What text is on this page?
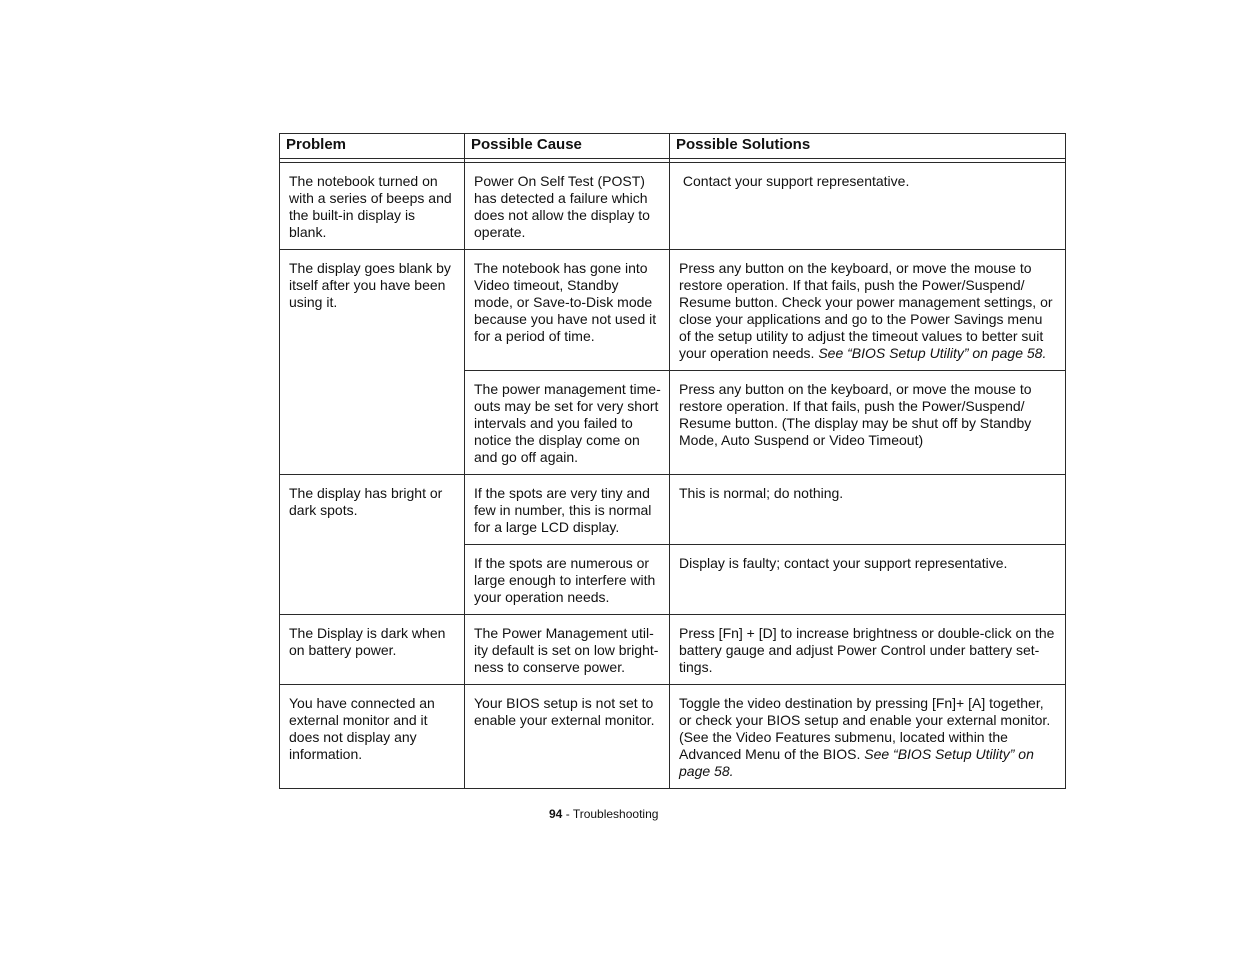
Problem	Possible Cause	Possible Solutions

The notebook turned on with a series of beeps and the built-in display is blank.	Power On Self Test (POST) has detected a failure which does not allow the display to operate.	Contact your support representative.
The display goes blank by itself after you have been using it.	The notebook has gone into Video timeout, Standby mode, or Save-to-Disk mode because you have not used it for a period of time.	Press any button on the keyboard, or move the mouse to restore operation. If that fails, push the Power/Suspend/ Resume button. Check your power management settings, or close your applications and go to the Power Savings menu of the setup utility to adjust the timeout values to better suit your operation needs. See “BIOS Setup Utility” on page 58.
	The power management time-outs may be set for very short intervals and you failed to notice the display come on and go off again.	Press any button on the keyboard, or move the mouse to restore operation. If that fails, push the Power/Suspend/ Resume button. (The display may be shut off by Standby Mode, Auto Suspend or Video Timeout)
The display has bright or dark spots.	If the spots are very tiny and few in number, this is normal for a large LCD display.	This is normal; do nothing.
	If the spots are numerous or large enough to interfere with your operation needs.	Display is faulty; contact your support representative.
The Display is dark when on battery power.	The Power Management util-ity default is set on low bright-ness to conserve power.	Press [Fn] + [D] to increase brightness or double-click on the battery gauge and adjust Power Control under battery set-tings.
You have connected an external monitor and it does not display any information.	Your BIOS setup is not set to enable your external monitor.	Toggle the video destination by pressing [Fn]+ [A] together, or check your BIOS setup and enable your external monitor. (See the Video Features submenu, located within the Advanced Menu of the BIOS. See “BIOS Setup Utility” on page 58.
94 - Troubleshooting
